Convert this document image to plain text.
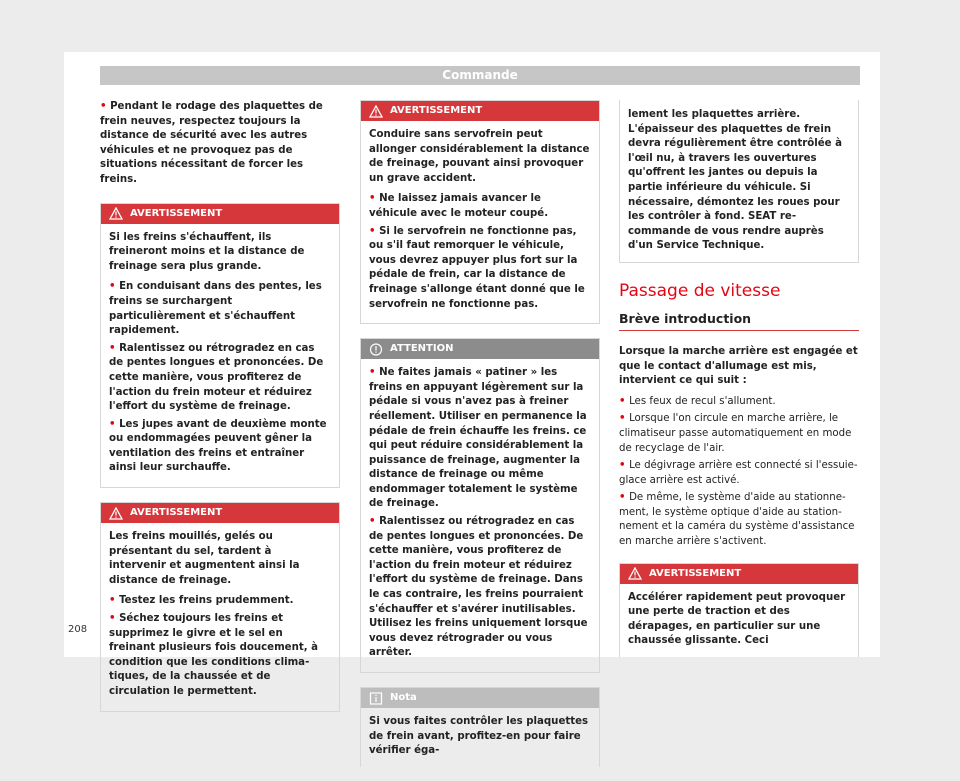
Commande

• Pendant le rodage des plaquettes de frein neuves, respectez toujours la distance de sécurité avec les autres véhicules et ne provoquez pas de situations nécessitant de forcer les freins.

AVERTISSEMENT

Si les freins s'échauffent, ils freineront moins et la distance de freinage sera plus grande.

• En conduisant dans des pentes, les freins se surchargent particulièrement et s'échauffent rapidement.

• Ralentissez ou rétrogradez en cas de pentes longues et prononcées. De cette manière, vous profiterez de l'action du frein moteur et réduirez l'effort du système de freinage.

• Les jupes avant de deuxième monte ou endommagées peuvent gêner la ventilation des freins et entraîner ainsi leur surchauffe.

AVERTISSEMENT

Les freins mouillés, gelés ou présentant du sel, tardent à intervenir et augmentent ainsi la distance de freinage.

• Testez les freins prudemment.

• Séchez toujours les freins et supprimez le givre et le sel en freinant plusieurs fois doucement, à condition que les conditions climatiques, de la chaussée et de circulation le permettent.

AVERTISSEMENT

Conduire sans servofrein peut allonger considérablement la distance de freinage, pouvant ainsi provoquer un grave accident.

• Ne laissez jamais avancer le véhicule avec le moteur coupé.

• Si le servofrein ne fonctionne pas, ou s'il faut remorquer le véhicule, vous devrez appuyer plus fort sur la pédale de frein, car la distance de freinage s'allonge étant donné que le servofrein ne fonctionne pas.

ATTENTION

• Ne faites jamais « patiner » les freins en appuyant légèrement sur la pédale si vous n'avez pas à freiner réellement. Utiliser en permanence la pédale de frein échauffe les freins. ce qui peut réduire considérablement la puissance de freinage, augmenter la distance de freinage ou même endommager totalement le système de freinage.

• Ralentissez ou rétrogradez en cas de pentes longues et prononcées. De cette manière, vous profiterez de l'action du frein moteur et réduirez l'effort du système de freinage. Dans le cas contraire, les freins pourraient s'échauffer et s'avérer inutilisables. Utilisez les freins uniquement lorsque vous devez rétrograder ou vous arrêter.

Nota

Si vous faites contrôler les plaquettes de frein avant, profitez-en pour faire vérifier éga-

lement les plaquettes arrière. L'épaisseur des plaquettes de frein devra régulièrement être contrôlée à l'œil nu, à travers les ouvertures qu'offrent les jantes ou depuis la partie inférieure du véhicule. Si nécessaire, démontez les roues pour les contrôler à fond. SEAT recommande de vous rendre auprès d'un Service Technique.

Passage de vitesse
Brève introduction

Lorsque la marche arrière est engagée et que le contact d'allumage est mis, intervient ce qui suit :

• Les feux de recul s'allument.

• Lorsque l'on circule en marche arrière, le climatiseur passe automatiquement en mode de recyclage de l'air.

• Le dégivrage arrière est connecté si l'essuie-glace arrière est activé.

• De même, le système d'aide au stationnement, le système optique d'aide au stationnement et la caméra du système d'assistance en marche arrière s'activent.

AVERTISSEMENT

Accélérer rapidement peut provoquer une perte de traction et des dérapages, en particulier sur une chaussée glissante. Ceci

208
